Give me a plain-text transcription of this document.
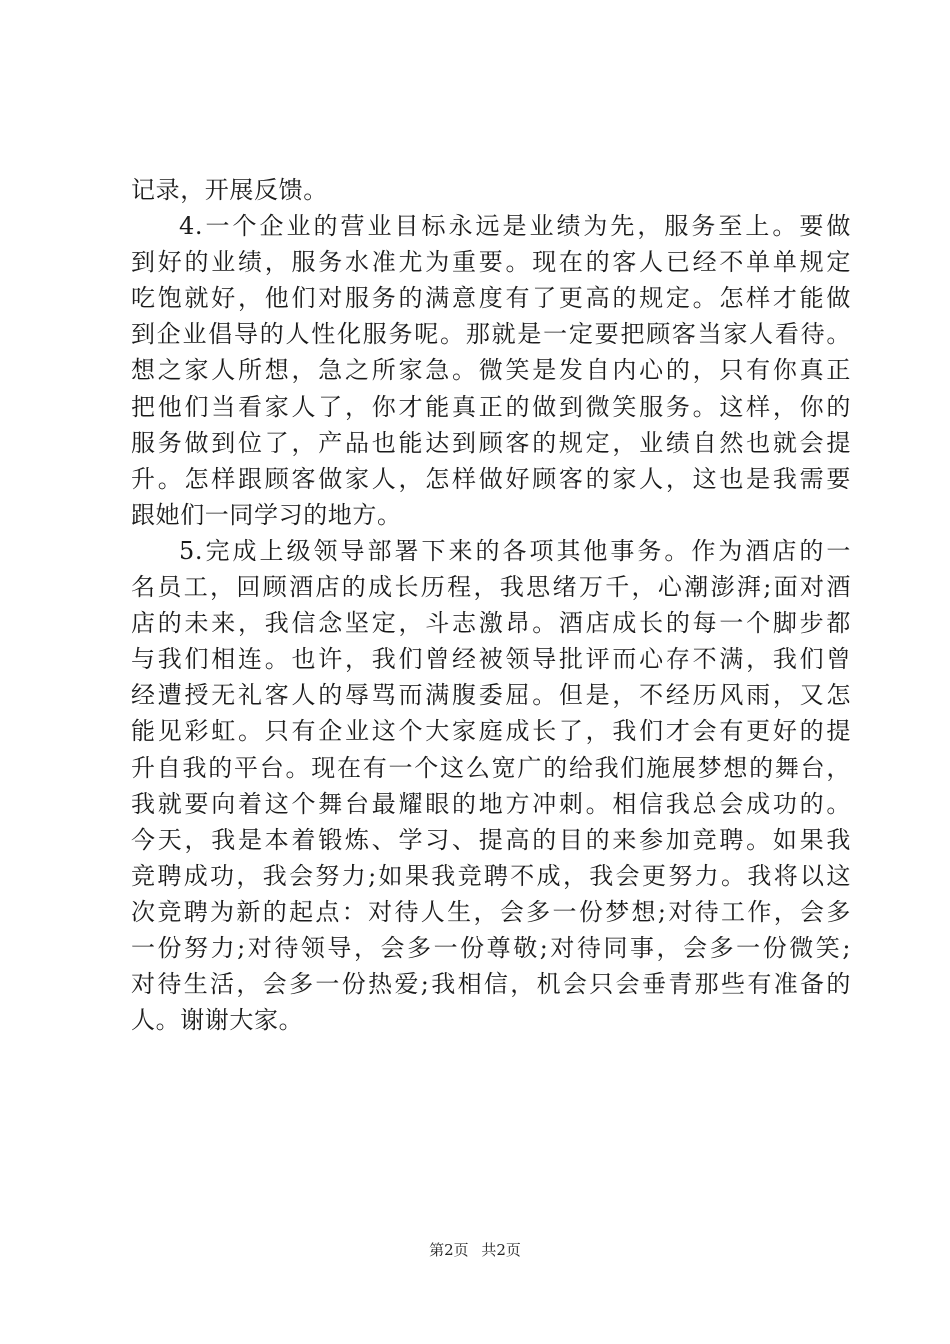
记录，开展反馈。
4.一个企业的营业目标永远是业绩为先，服务至上。要做
到好的业绩，服务水准尤为重要。现在的客人已经不单单规定
吃饱就好，他们对服务的满意度有了更高的规定。怎样才能做
到企业倡导的人性化服务呢。那就是一定要把顾客当家人看待。
想之家人所想，急之所家急。微笑是发自内心的，只有你真正
把他们当看家人了，你才能真正的做到微笑服务。这样，你的
服务做到位了，产品也能达到顾客的规定，业绩自然也就会提
升。怎样跟顾客做家人，怎样做好顾客的家人，这也是我需要
跟她们一同学习的地方。
5.完成上级领导部署下来的各项其他事务。作为酒店的一
名员工，回顾酒店的成长历程，我思绪万千，心潮澎湃;面对酒
店的未来，我信念坚定，斗志激昂。酒店成长的每一个脚步都
与我们相连。也许，我们曾经被领导批评而心存不满，我们曾
经遭授无礼客人的辱骂而满腹委屈。但是，不经历风雨，又怎
能见彩虹。只有企业这个大家庭成长了，我们才会有更好的提
升自我的平台。现在有一个这么宽广的给我们施展梦想的舞台，
我就要向着这个舞台最耀眼的地方冲刺。相信我总会成功的。
今天，我是本着锻炼、学习、提高的目的来参加竞聘。如果我
竞聘成功，我会努力;如果我竞聘不成，我会更努力。我将以这
次竞聘为新的起点：对待人生，会多一份梦想;对待工作，会多
一份努力;对待领导，会多一份尊敬;对待同事，会多一份微笑;
对待生活，会多一份热爱;我相信，机会只会垂青那些有准备的
人。谢谢大家。
第2页 共2页
